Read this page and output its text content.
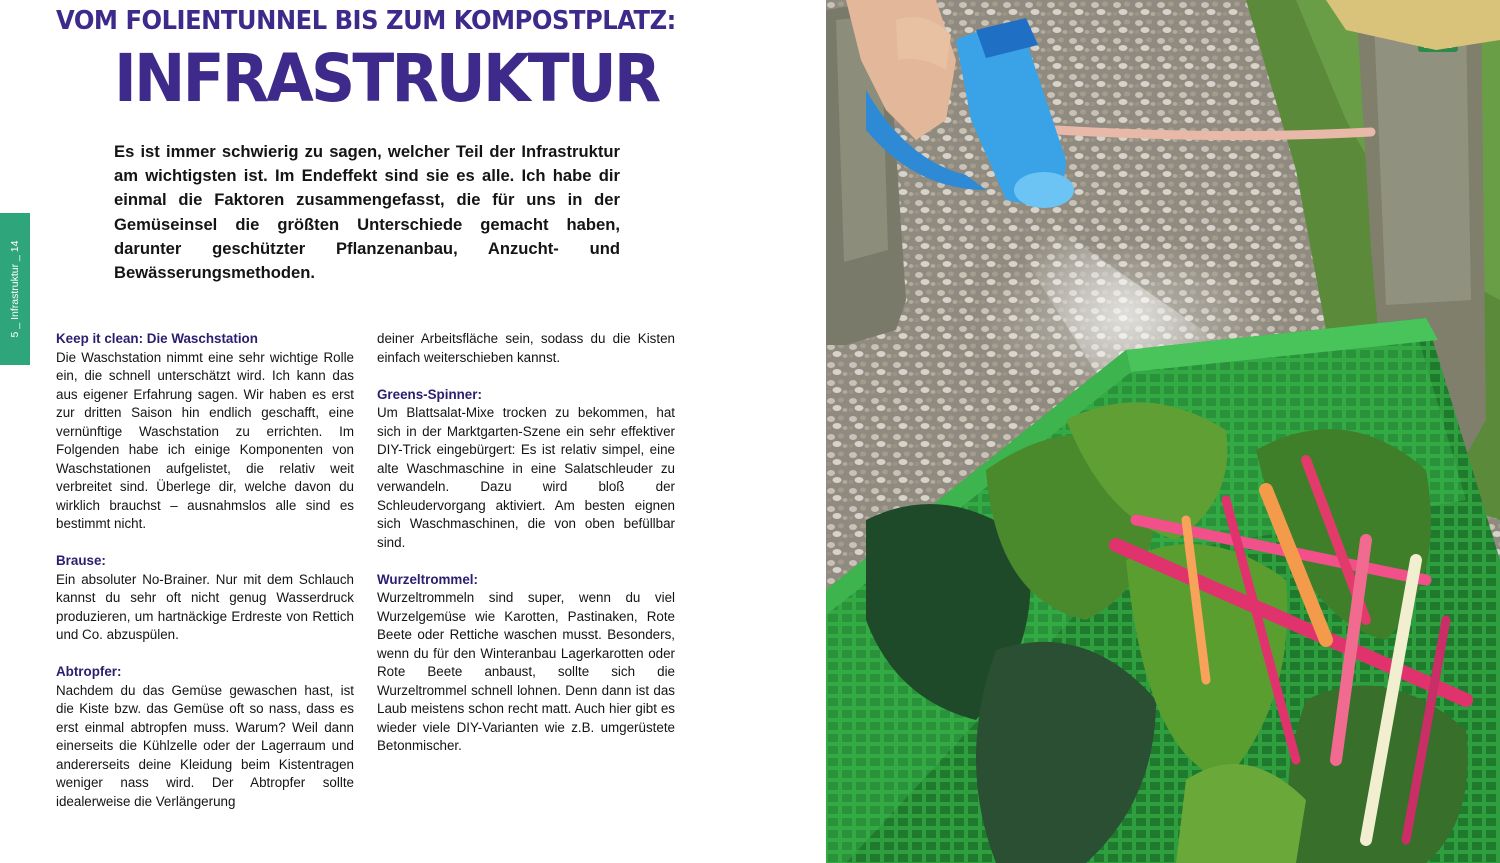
VOM FOLIENTUNNEL BIS ZUM KOMPOSTPLATZ:
INFRASTRUKTUR

Es ist immer schwierig zu sagen, welcher Teil der Infrastruktur am wichtigsten ist. Im Endeffekt sind sie es alle. Ich habe dir einmal die Faktoren zusammengefasst, die für uns in der Gemüseinsel die größten Unterschiede gemacht haben, darunter geschützter Pflanzenanbau, Anzucht- und Bewässerungsmethoden.

5 _ Infrastruktur _ 14
Keep it clean: Die Waschstation

Die Waschstation nimmt eine sehr wichtige Rolle ein, die schnell unterschätzt wird. Ich kann das aus eigener Erfahrung sagen. Wir haben es erst zur dritten Saison hin endlich geschafft, eine vernünftige Waschstation zu errichten. Im Folgenden habe ich einige Komponenten von Waschstationen aufgelistet, die relativ weit verbreitet sind. Überlege dir, welche davon du wirklich brauchst – ausnahmslos alle sind es bestimmt nicht.

Brause:

Ein absoluter No-Brainer. Nur mit dem Schlauch kannst du sehr oft nicht genug Wasserdruck produzieren, um hartnäckige Erdreste von Rettich und Co. abzuspülen.

Abtropfer:

Nachdem du das Gemüse gewaschen hast, ist die Kiste bzw. das Gemüse oft so nass, dass es erst einmal abtropfen muss. Warum? Weil dann einerseits die Kühlzelle oder der Lagerraum und andererseits deine Kleidung beim Kistentragen weniger nass wird. Der Abtropfer sollte idealerweise die Verlängerung

deiner Arbeitsfläche sein, sodass du die Kisten einfach weiterschieben kannst.

Greens-Spinner:

Um Blattsalat-Mixe trocken zu bekommen, hat sich in der Marktgarten-Szene ein sehr effektiver DIY-Trick eingebürgert: Es ist relativ simpel, eine alte Waschmaschine in eine Salatschleuder zu verwandeln. Dazu wird bloß der Schleudervorgang aktiviert. Am besten eignen sich Waschmaschinen, die von oben befüllbar sind.

Wurzeltrommel:

Wurzeltrommeln sind super, wenn du viel Wurzelgemüse wie Karotten, Pastinaken, Rote Beete oder Rettiche waschen musst. Besonders, wenn du für den Winteranbau Lagerkarotten oder Rote Beete anbaust, sollte sich die Wurzeltrommel schnell lohnen. Denn dann ist das Laub meistens schon recht matt. Auch hier gibt es wieder viele DIY-Varianten wie z.B. umgerüstete Betonmischer.
